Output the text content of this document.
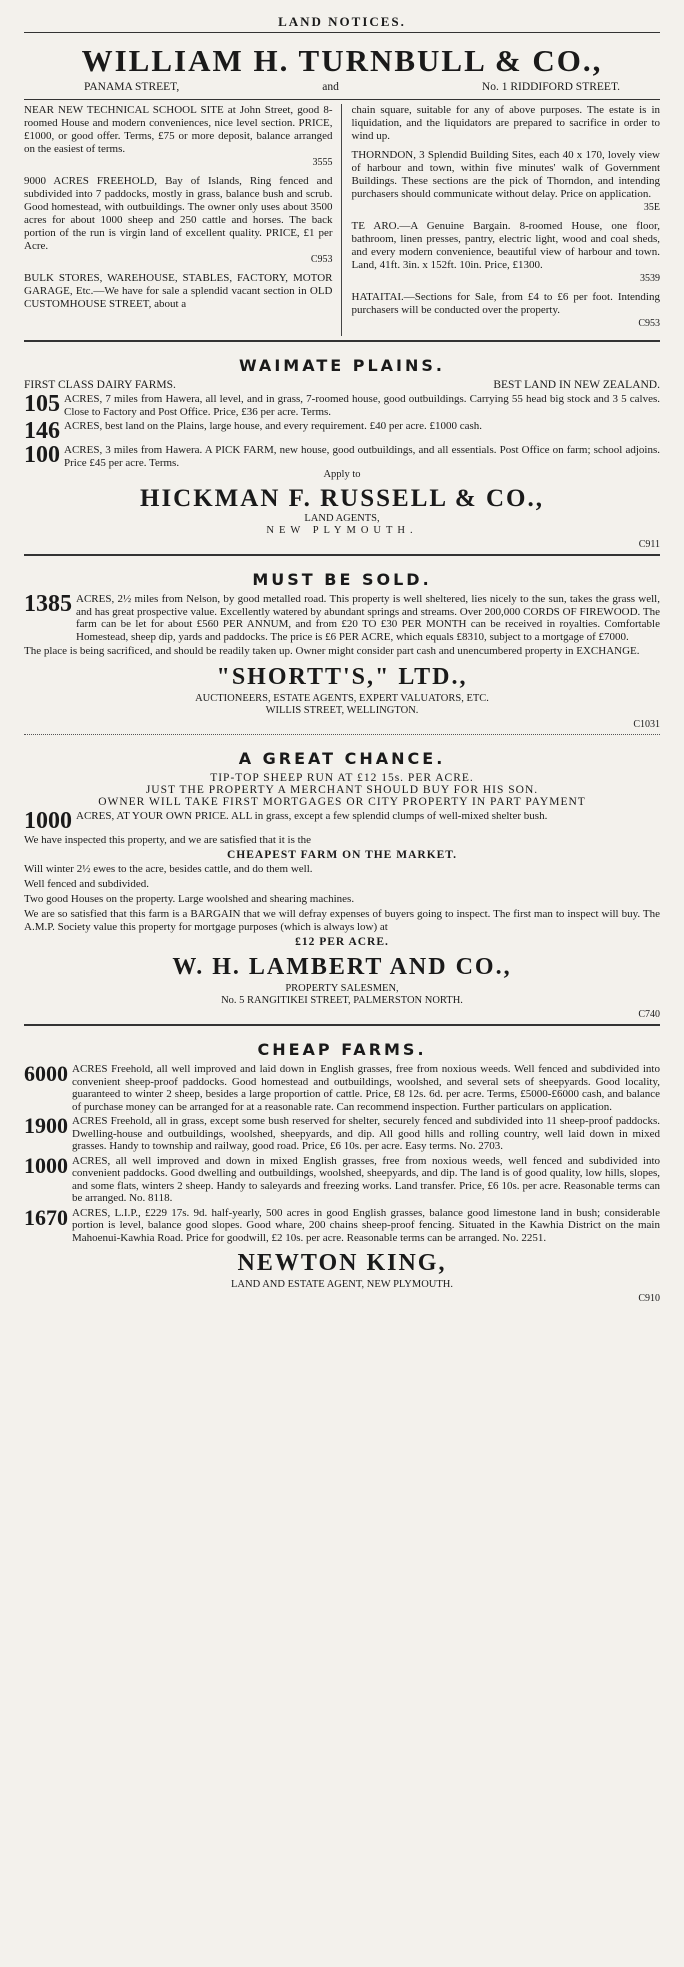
LAND NOTICES.
WILLIAM H. TURNBULL & CO.,
PANAMA STREET,	and	No. 1 RIDDIFORD STREET.
NEAR NEW TECHNICAL SCHOOL SITE at John Street, good 8-roomed House and modern conveniences, nice level section. PRICE, £1000, or good offer. Terms, £75 or more deposit, balance arranged on the easiest of terms.
3555
9000 ACRES FREEHOLD, Bay of Islands, Ring fenced and subdivided into 7 paddocks, mostly in grass, balance bush and scrub. Good homestead, with outbuildings. The owner only uses about 3500 acres for about 1000 sheep and 250 cattle and horses. The back portion of the run is virgin land of excellent quality. PRICE, £1 per Acre.
C953
BULK STORES, WAREHOUSE, STABLES, FACTORY, MOTOR GARAGE, Etc.—We have for sale a splendid vacant section in OLD CUSTOMHOUSE STREET, about a
chain square, suitable for any of above purposes. The estate is in liquidation, and the liquidators are prepared to sacrifice in order to wind up.
THORNDON, 3 Splendid Building Sites, each 40 x 170, lovely view of harbour and town, within five minutes' walk of Government Buildings. These sections are the pick of Thorndon, and intending purchasers should communicate without delay. Price on application.
35E
TE ARO.—A Genuine Bargain. 8-roomed House, one floor, bathroom, linen presses, pantry, electric light, wood and coal sheds, and every modern convenience, beautiful view of harbour and town. Land, 41ft. 3in. x 152ft. 10in. Price, £1300.
3539
HATAITAI.—Sections for Sale, from £4 to £6 per foot. Intending purchasers will be conducted over the property.
C953
WAIMATE PLAINS.
FIRST CLASS DAIRY FARMS.	BEST LAND IN NEW ZEALAND.
105 ACRES, 7 miles from Hawera, all level, and in grass, 7-roomed house, good outbuildings. Carrying 55 head big stock and 3 5 calves. Close to Factory and Post Office. Price, £36 per acre. Terms.
146 ACRES, best land on the Plains, large house, and every requirement. £40 per acre. £1000 cash.
100 ACRES, 3 miles from Hawera. A PICK FARM, new house, good outbuildings, and all essentials. Post Office on farm; school adjoins. Price £45 per acre. Terms.
Apply to
HICKMAN F. RUSSELL & CO.,
LAND AGENTS,
NEW PLYMOUTH.
C911
MUST BE SOLD.
1385 ACRES, 2½ miles from Nelson, by good metalled road. This property is well sheltered, lies nicely to the sun, takes the grass well, and has great prospective value. Excellently watered by abundant springs and streams. Over 200,000 CORDS OF FIREWOOD. The farm can be let for about £560 PER ANNUM, and from £20 TO £30 PER MONTH can be received in royalties. Comfortable Homestead, sheep dip, yards and paddocks. The price is £6 PER ACRE, which equals £8310, subject to a mortgage of £7000.
The place is being sacrificed, and should be readily taken up. Owner might consider part cash and unencumbered property in EXCHANGE.
"SHORTT'S," LTD.,
AUCTIONEERS, ESTATE AGENTS, EXPERT VALUATORS, ETC.
WILLIS STREET, WELLINGTON.
C1031
A GREAT CHANCE.
TIP-TOP SHEEP RUN AT £12 15s. PER ACRE.
JUST THE PROPERTY A MERCHANT SHOULD BUY FOR HIS SON.
OWNER WILL TAKE FIRST MORTGAGES OR CITY PROPERTY IN PART PAYMENT
1000 ACRES, AT YOUR OWN PRICE. ALL in grass, except a few splendid clumps of well-mixed shelter bush.
We have inspected this property, and we are satisfied that it is the
CHEAPEST FARM ON THE MARKET.
Will winter 2½ ewes to the acre, besides cattle, and do them well.
Well fenced and subdivided.
Two good Houses on the property. Large woolshed and shearing machines.
We are so satisfied that this farm is a BARGAIN that we will defray expenses of buyers going to inspect. The first man to inspect will buy. The A.M.P. Society value this property for mortgage purposes (which is always low) at
£12 PER ACRE.
W. H. LAMBERT AND CO.,
PROPERTY SALESMEN,
No. 5 RANGITIKEI STREET, PALMERSTON NORTH.
C740
CHEAP FARMS.
6000 ACRES Freehold, all well improved and laid down in English grasses, free from noxious weeds. Well fenced and subdivided into convenient sheep-proof paddocks. Good homestead and outbuildings, woolshed, and several sets of sheepyards. Good locality, guaranteed to winter 2 sheep, besides a large proportion of cattle. Price, £8 12s. 6d. per acre. Terms, £5000-£6000 cash, and balance of purchase money can be arranged for at a reasonable rate. Can recommend inspection. Further particulars on application.
1900 ACRES Freehold, all in grass, except some bush reserved for shelter, securely fenced and subdivided into 11 sheep-proof paddocks. Dwelling-house and outbuildings, woolshed, sheepyards, and dip. All good hills and rolling country, well laid down in mixed grasses. Handy to township and railway, good road. Price, £6 10s. per acre. Easy terms. No. 2703.
1000 ACRES, all well improved and down in mixed English grasses, free from noxious weeds, well fenced and subdivided into convenient paddocks. Good dwelling and outbuildings, woolshed, sheepyards, and dip. The land is of good quality, low hills, slopes, and some flats, winters 2 sheep. Handy to saleyards and freezing works. Land transfer. Price, £6 10s. per acre. Reasonable terms can be arranged. No. 8118.
1670 ACRES, L.I.P., £229 17s. 9d. half-yearly, 500 acres in good English grasses, balance good limestone land in bush; considerable portion is level, balance good slopes. Good whare, 200 chains sheep-proof fencing. Situated in the Kawhia District on the main Mahoenui-Kawhia Road. Price for goodwill, £2 10s. per acre. Reasonable terms can be arranged. No. 2251.
NEWTON KING,
LAND AND ESTATE AGENT, NEW PLYMOUTH.
C910
